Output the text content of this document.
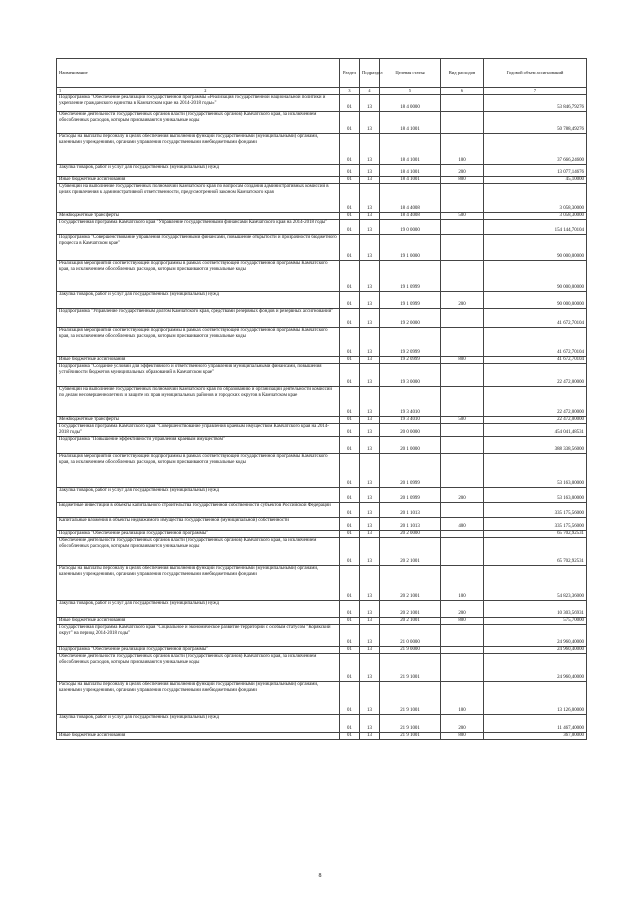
Наименование	Раздел	Подраздел	Целевая статья	Вид расходов	Годовой объем ассигнований
1 2	3	4	5	6	7
Подпрограмма "Обеспечение реализации государственной программы «Реализация государственной национальной политики и укрепление гражданского единства в Камчатском крае на 2014-2018 годы»"	01	13	18 4 0000		53 846,79276
Обеспечение деятельности государственных органов власти (государственных органов) Камчатского края, за исключением обособленных расходов, которым присваиваются уникальные коды	01	13	18 4 1001		50 788,49276
Расходы на выплаты персоналу в целях обеспечения выполнения функций государственными (муниципальными) органами, казенными учреждениями, органами управления государственными внебюджетными фондами	01	13	18 4 1001	100	37 666,24600
Закупка товаров, работ и услуг для государственных (муниципальных) нужд	01	13	18 4 1001	200	13 077,14676
Иные бюджетные ассигнования	01	13	18 4 1001	800	45,10000
Субвенции на выполнение государственных полномочий Камчатского края по вопросам создания административных комиссий в целях привлечения к административной ответственности, предусмотренной законом Камчатского края	01	13	18 4 4008		3 058,30000
Межбюджетные трансферты	01	13	18 4 4008	500	3 058,30000
Государственная программа Камчатского края "Управление государственными финансами Камчатского края на 2014-2018 годы"	01	13	19 0 0000		154 144,70104
Подпрограмма "Совершенствование управления государственными финансами, повышение открытости и прозрачности бюджетного процесса в Камчатском крае"	01	13	19 1 0000		90 000,00000
Реализация мероприятий соответствующей подпрограммы в рамках соответствующей государственной программы Камчатского края, за исключением обособленных расходов, которым присваиваются уникальные коды	01	13	19 1 0999		90 000,00000
Закупка товаров, работ и услуг для государственных (муниципальных) нужд	01	13	19 1 0999	200	90 000,00000
Подпрограмма "Управление государственным долгом Камчатского края, средствами резервных фондов и резервных ассигнований"	01	13	19 2 0000		41 672,70104
Реализация мероприятий соответствующей подпрограммы в рамках соответствующей государственной программы Камчатского края, за исключением обособленных расходов, которым присваиваются уникальные коды	01	13	19 2 0999		41 672,70104
Иные бюджетные ассигнования	01	13	19 2 0999	800	41 672,70104
Подпрограмма "Создание условий для эффективного и ответственного управления муниципальными финансами, повышения устойчивости бюджетов муниципальных образований в Камчатском крае"	01	13	19 3 0000		22 472,00000
Субвенции на выполнение государственных полномочий Камчатского края по образованию и организации деятельности комиссий по делам несовершеннолетних и защите их прав муниципальных районов и городских округов в Камчатском крае	01	13	19 3 4010		22 472,00000
Межбюджетные трансферты	01	13	19 3 4010	500	22 472,00000
Государственная программа Камчатского края "Совершенствование управления краевым имуществом Камчатского края на 2014-2018 годы"	01	13	20 0 0000		454 041,48531
Подпрограмма "Повышение эффективности управления краевым имуществом"	01	13	20 1 0000		388 338,56000
Реализация мероприятий соответствующей подпрограммы в рамках соответствующей государственной программы Камчатского края, за исключением обособленных расходов, которым присваиваются уникальные коды	01	13	20 1 0999		53 163,00000
Закупка товаров, работ и услуг для государственных (муниципальных) нужд	01	13	20 1 0999	200	53 163,00000
Бюджетные инвестиции в объекты капитального строительства государственной собственности субъектов Российской Федерации	01	13	20 1 1013		335 175,56000
Капитальные вложения в объекты недвижимого имущества государственной (муниципальной) собственности	01	13	20 1 1013	400	335 175,56000
Подпрограмма "Обеспечение реализации государственной программы"	01	13	20 2 0000		65 702,92531
Обеспечение деятельности государственных органов власти (государственных органов) Камчатского края, за исключением обособленных расходов, которым присваиваются уникальные коды	01	13	20 2 1001		65 702,92531
Расходы на выплаты персоналу в целях обеспечения выполнения функций государственными (муниципальными) органами, казенными учреждениями, органами управления государственными внебюджетными фондами	01	13	20 2 1001	100	54 823,36000
Закупка товаров, работ и услуг для государственных (муниципальных) нужд	01	13	20 2 1001	200	10 303,56931
Иные бюджетные ассигнования	01	13	20 2 1001	800	575,70000
Государственная программа Камчатского края "Социальное и экономическое развитие территории с особым статусом "Корякский округ" на период 2014-2018 годы"	01	13	21 0 0000		24 960,40000
Подпрограмма "Обеспечение реализации государственной программы"	01	13	21 9 0000		24 960,40000
Обеспечение деятельности государственных органов власти (государственных органов) Камчатского края, за исключением обособленных расходов, которым присваиваются уникальные коды	01	13	21 9 1001		24 960,40000
Расходы на выплаты персоналу в целях обеспечения выполнения функций государственными (муниципальными) органами, казенными учреждениями, органами управления государственными внебюджетными фондами	01	13	21 9 1001	100	13 126,00000
Закупка товаров, работ и услуг для государственных (муниципальных) нужд	01	13	21 9 1001	200	11 467,40000
Иные бюджетные ассигнования	01	13	21 9 1001	800	367,00000
8
